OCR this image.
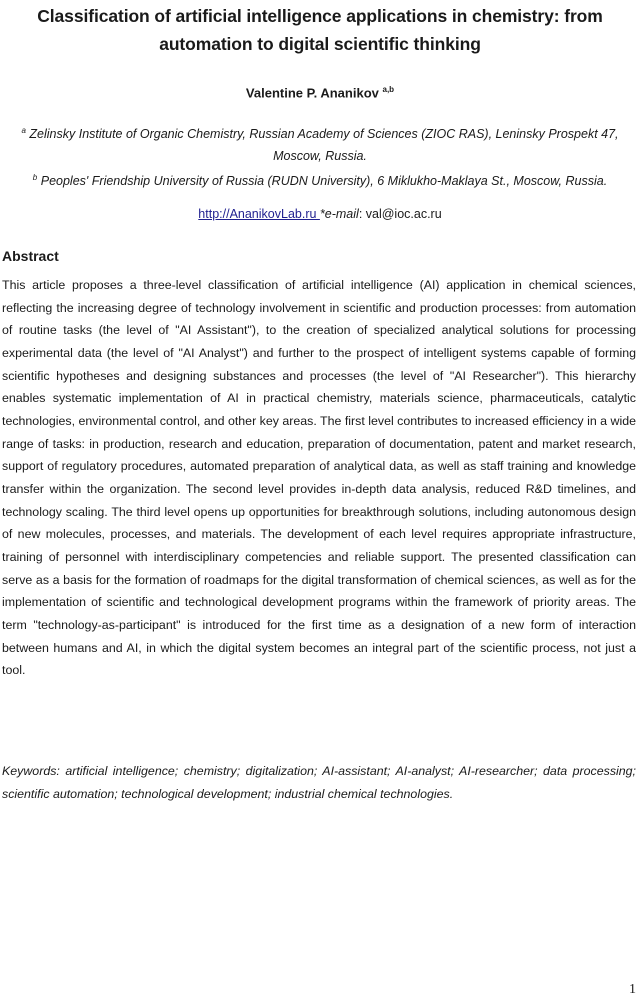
Classification of artificial intelligence applications in chemistry: from automation to digital scientific thinking
Valentine P. Ananikov $^{a,b}$
$^a$ Zelinsky Institute of Organic Chemistry, Russian Academy of Sciences (ZIOC RAS), Leninsky Prospekt 47, Moscow, Russia.
$^b$ Peoples' Friendship University of Russia (RUDN University), 6 Miklukho-Maklaya St., Moscow, Russia.
http://AnanikovLab.ru *e-mail: val@ioc.ac.ru
Abstract

This article proposes a three-level classification of artificial intelligence (AI) application in chemical sciences, reflecting the increasing degree of technology involvement in scientific and production processes: from automation of routine tasks (the level of "AI Assistant"), to the creation of specialized analytical solutions for processing experimental data (the level of "AI Analyst") and further to the prospect of intelligent systems capable of forming scientific hypotheses and designing substances and processes (the level of "AI Researcher"). This hierarchy enables systematic implementation of AI in practical chemistry, materials science, pharmaceuticals, catalytic technologies, environmental control, and other key areas. The first level contributes to increased efficiency in a wide range of tasks: in production, research and education, preparation of documentation, patent and market research, support of regulatory procedures, automated preparation of analytical data, as well as staff training and knowledge transfer within the organization. The second level provides in-depth data analysis, reduced R&D timelines, and technology scaling. The third level opens up opportunities for breakthrough solutions, including autonomous design of new molecules, processes, and materials. The development of each level requires appropriate infrastructure, training of personnel with interdisciplinary competencies and reliable support. The presented classification can serve as a basis for the formation of roadmaps for the digital transformation of chemical sciences, as well as for the implementation of scientific and technological development programs within the framework of priority areas. The term "technology-as-participant" is introduced for the first time as a designation of a new form of interaction between humans and AI, in which the digital system becomes an integral part of the scientific process, not just a tool.

Keywords: artificial intelligence; chemistry; digitalization; AI-assistant; AI-analyst; AI-researcher; data processing; scientific automation; technological development; industrial chemical technologies.

1
